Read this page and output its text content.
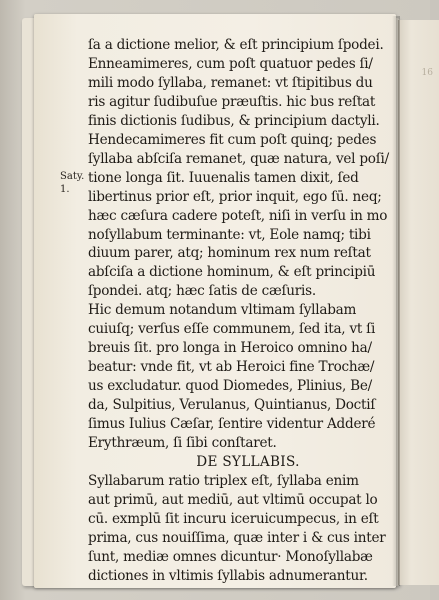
16
Saty.
1.
ſa a dictione melior, & eſt principium ſpodei.
Enneamimeres, cum poſt quatuor pedes ſi/
mili modo ſyllaba, remanet: vt ſtipitibus du
ris agitur ſudibuſue præuſtis. hic bus reſtat
finis dictionis ſudibus, & principium dactyli.
Hendecamimeres fit cum poſt quinq; pedes
ſyllaba abſciſa remanet, quæ natura, vel poſi/
tione longa ſit. Iuuenalis tamen dixit, ſed
libertinus prior eſt, prior inquit, ego ſū. neq;
hæc cæſura cadere poteſt, niſi in verſu in mo
noſyllabum terminante: vt, Eole namq; tibi
diuum parer, atq; hominum rex num reſtat
abſciſa a dictione hominum, & eſt principiū
ſpondei. atq; hæc ſatis de cæſuris.
Hic demum notandum vltimam ſyllabam
cuiuſq; verſus eſſe communem, ſed ita, vt ſi
breuis ſit. pro longa in Heroico omnino ha/
beatur: vnde fit, vt ab Heroici fine Trochæ/
us excludatur. quod Diomedes, Plinius, Be/
da, Sulpitius, Verulanus, Quintianus, Doctiſ
ſimus Iulius Cæſar, ſentire videntur Adderé
Erythræum, ſi ſibi conſtaret.
DE SYLLABIS.
Syllabarum ratio triplex eſt, ſyllaba enim
aut primū, aut mediū, aut vltimū occupat lo
cū. exmplū ſit incuru iceruicumpecus, in eſt
prima, cus nouiſſima, quæ inter i & cus inter
ſunt, mediæ omnes dicuntur· Monoſyllabæ
dictiones in vltimis ſyllabis adnumerantur.
